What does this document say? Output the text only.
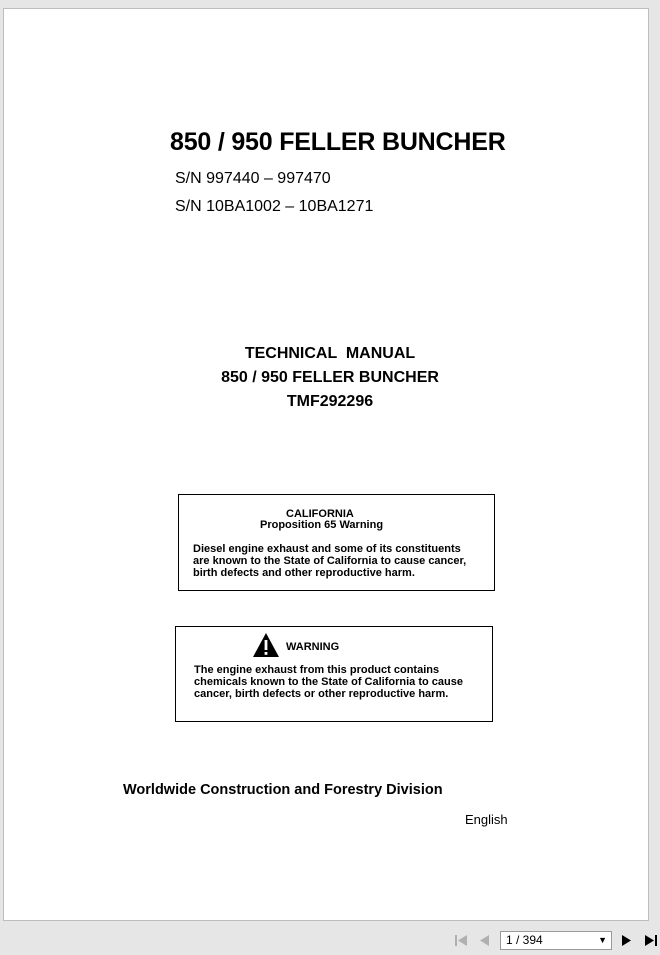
850 / 950 FELLER BUNCHER
S/N 997440 – 997470
S/N 10BA1002 – 10BA1271
TECHNICAL  MANUAL
850 / 950 FELLER BUNCHER
TMF292296
CALIFORNIA
Proposition 65 Warning
Diesel engine exhaust and some of its constituents
are known to the State of California to cause cancer,
birth defects and other reproductive harm.
WARNING
The engine exhaust from this product contains
chemicals known to the State of California to cause
cancer, birth defects or other reproductive harm.
Worldwide Construction and Forestry Division
English
1 / 394	▼
